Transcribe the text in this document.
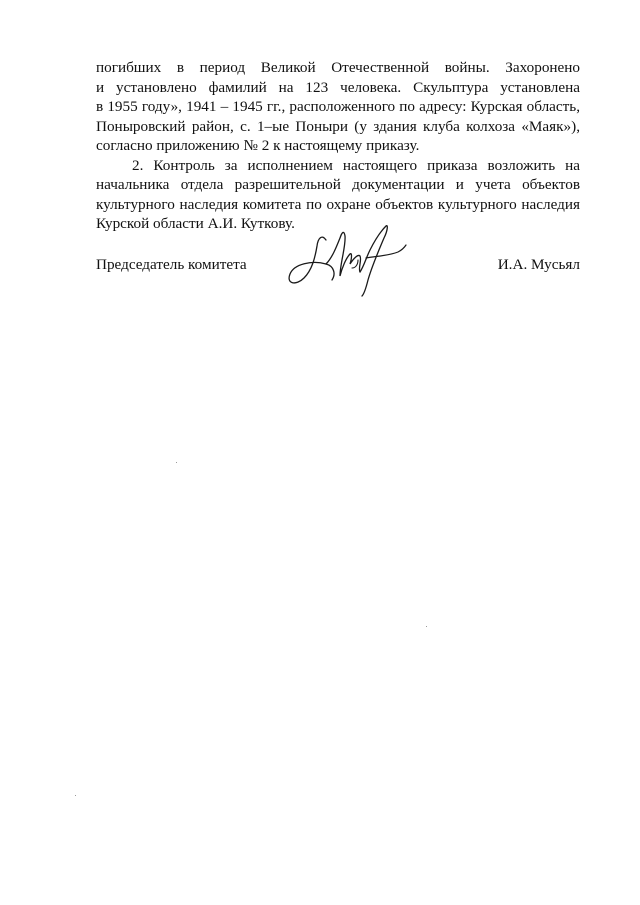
погибших в период Великой Отечественной войны. Захоронено
и установлено фамилий на 123 человека. Скульптура установлена
в 1955 году», 1941 – 1945 гг., расположенного по адресу: Курская область,
Поныровский район, с. 1–ые Поныри (у здания клуба колхоза «Маяк»),
согласно приложению № 2 к настоящему приказу.
2. Контроль за исполнением настоящего приказа возложить на
начальника отдела разрешительной документации и учета объектов
культурного наследия комитета по охране объектов культурного наследия
Курской области А.И. Куткову.
Председатель комитета	И.А. Мусьял
